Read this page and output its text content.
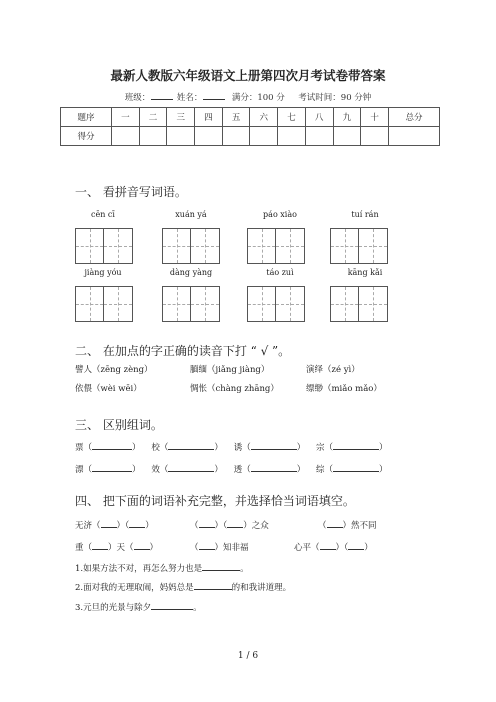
最新人教版六年级语文上册第四次月考试卷带答案
班级：	姓名：	满分：100 分 考试时间：90 分钟
题序	一	二	三	四	五	六	七	八	九	十	总分
得分											
一、 看拼音写词语。
cēn cī	xuán yá	páo xiào	tuí rán
jiàng yóu	dàng yàng	táo zuì	kāng kǎi
二、 在加点的字正确的读音下打 “ √ ”。
譬人（zēng zèng）	腼缅（jiǎng jiàng）	演绎（zé yì）
依偎（wèi wēi）	惆怅（chàng zhāng）	缥缈（miǎo mǎo）
三、 区别组词。
票（	） 校（	） 诱（	） 宗（	）
漂（	） 效（	） 透（	） 综（	）
四、 把下面的词语补充完整，并选择恰当词语填空。
无济（ ）（ ）	（ ）（ ）之众	（ ）然不同
重（ ）天（ ）	（ ）知非福	心平（ ）（ ）
1.如果方法不对，再怎么努力也是	。
2.面对我的无理取闹，妈妈总是	的和我讲道理。
3.元旦的光景与除夕	。
1 / 6
